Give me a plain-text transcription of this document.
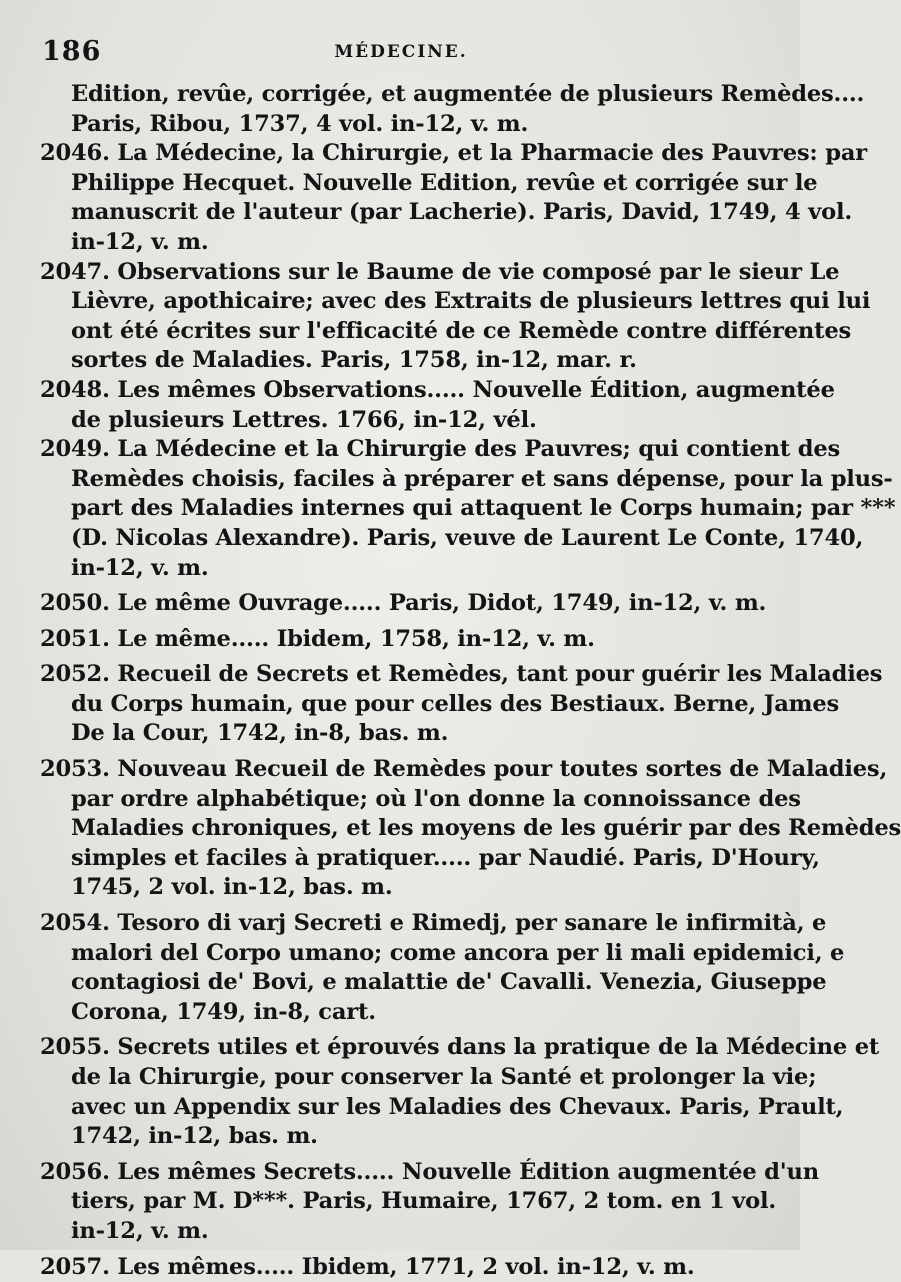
186	MÉDECINE.
Edition, revûe, corrigée, et augmentée de plusieurs Remèdes....
Paris, Ribou, 1737, 4 vol. in-12, v. m.
2046. La Médecine, la Chirurgie, et la Pharmacie des Pauvres: par
Philippe Hecquet. Nouvelle Edition, revûe et corrigée sur le
manuscrit de l'auteur (par Lacherie). Paris, David, 1749, 4 vol.
in-12, v. m.
2047. Observations sur le Baume de vie composé par le sieur Le
Lièvre, apothicaire; avec des Extraits de plusieurs lettres qui lui
ont été écrites sur l'efficacité de ce Remède contre différentes
sortes de Maladies. Paris, 1758, in-12, mar. r.
2048. Les mêmes Observations..... Nouvelle Édition, augmentée
de plusieurs Lettres. 1766, in-12, vél.
2049. La Médecine et la Chirurgie des Pauvres; qui contient des
Remèdes choisis, faciles à préparer et sans dépense, pour la plus-
part des Maladies internes qui attaquent le Corps humain; par ***
(D. Nicolas Alexandre). Paris, veuve de Laurent Le Conte, 1740,
in-12, v. m.
2050. Le même Ouvrage..... Paris, Didot, 1749, in-12, v. m.
2051. Le même..... Ibidem, 1758, in-12, v. m.
2052. Recueil de Secrets et Remèdes, tant pour guérir les Maladies
du Corps humain, que pour celles des Bestiaux. Berne, James
De la Cour, 1742, in-8, bas. m.
2053. Nouveau Recueil de Remèdes pour toutes sortes de Maladies,
par ordre alphabétique; où l'on donne la connoissance des
Maladies chroniques, et les moyens de les guérir par des Remèdes
simples et faciles à pratiquer..... par Naudié. Paris, D'Houry,
1745, 2 vol. in-12, bas. m.
2054. Tesoro di varj Secreti e Rimedj, per sanare le infirmità, e
malori del Corpo umano; come ancora per li mali epidemici, e
contagiosi de' Bovi, e malattie de' Cavalli. Venezia, Giuseppe
Corona, 1749, in-8, cart.
2055. Secrets utiles et éprouvés dans la pratique de la Médecine et
de la Chirurgie, pour conserver la Santé et prolonger la vie;
avec un Appendix sur les Maladies des Chevaux. Paris, Prault,
1742, in-12, bas. m.
2056. Les mêmes Secrets..... Nouvelle Édition augmentée d'un
tiers, par M. D***. Paris, Humaire, 1767, 2 tom. en 1 vol.
in-12, v. m.
2057. Les mêmes..... Ibidem, 1771, 2 vol. in-12, v. m.
